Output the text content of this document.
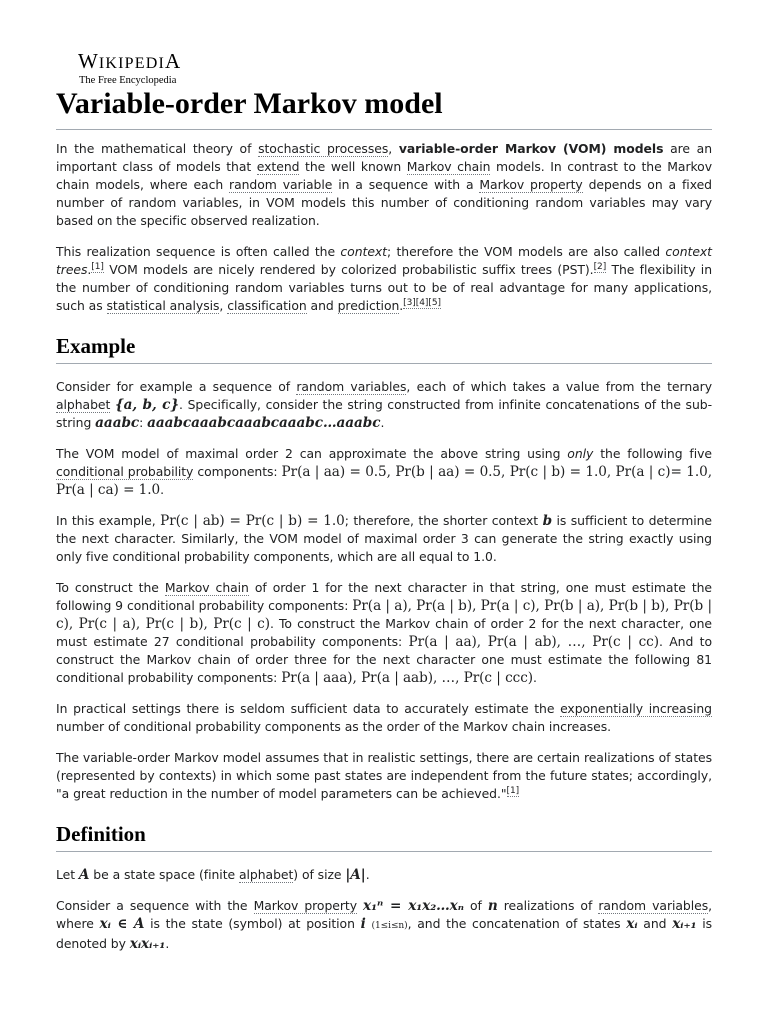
WIKIPEDIA
The Free Encyclopedia
Variable-order Markov model

In the mathematical theory of stochastic processes, variable-order Markov (VOM) models are an important class of models that extend the well known Markov chain models. In contrast to the Markov chain models, where each random variable in a sequence with a Markov property depends on a fixed number of random variables, in VOM models this number of conditioning random variables may vary based on the specific observed realization.

This realization sequence is often called the context; therefore the VOM models are also called context trees.[1] VOM models are nicely rendered by colorized probabilistic suffix trees (PST).[2] The flexibility in the number of conditioning random variables turns out to be of real advantage for many applications, such as statistical analysis, classification and prediction.[3][4][5]

Example

Consider for example a sequence of random variables, each of which takes a value from the ternary alphabet {a, b, c}. Specifically, consider the string constructed from infinite concatenations of the sub-string aaabc: aaabcaaabcaaabcaaabc…aaabc.

The VOM model of maximal order 2 can approximate the above string using only the following five conditional probability components: Pr(a | aa) = 0.5, Pr(b | aa) = 0.5, Pr(c | b) = 1.0, Pr(a | c)= 1.0, Pr(a | ca) = 1.0.

In this example, Pr(c | ab) = Pr(c | b) = 1.0; therefore, the shorter context b is sufficient to determine the next character. Similarly, the VOM model of maximal order 3 can generate the string exactly using only five conditional probability components, which are all equal to 1.0.

To construct the Markov chain of order 1 for the next character in that string, one must estimate the following 9 conditional probability components: Pr(a | a), Pr(a | b), Pr(a | c), Pr(b | a), Pr(b | b), Pr(b | c), Pr(c | a), Pr(c | b), Pr(c | c). To construct the Markov chain of order 2 for the next character, one must estimate 27 conditional probability components: Pr(a | aa), Pr(a | ab), …, Pr(c | cc). And to construct the Markov chain of order three for the next character one must estimate the following 81 conditional probability components: Pr(a | aaa), Pr(a | aab), …, Pr(c | ccc).

In practical settings there is seldom sufficient data to accurately estimate the exponentially increasing number of conditional probability components as the order of the Markov chain increases.

The variable-order Markov model assumes that in realistic settings, there are certain realizations of states (represented by contexts) in which some past states are independent from the future states; accordingly, "a great reduction in the number of model parameters can be achieved."[1]

Definition

Let A be a state space (finite alphabet) of size |A|.

Consider a sequence with the Markov property x₁ⁿ = x₁x₂…xₙ of n realizations of random variables, where xᵢ ∈ A is the state (symbol) at position i (1≤i≤n), and the concatenation of states xᵢ and xᵢ₊₁ is denoted by xᵢxᵢ₊₁.
